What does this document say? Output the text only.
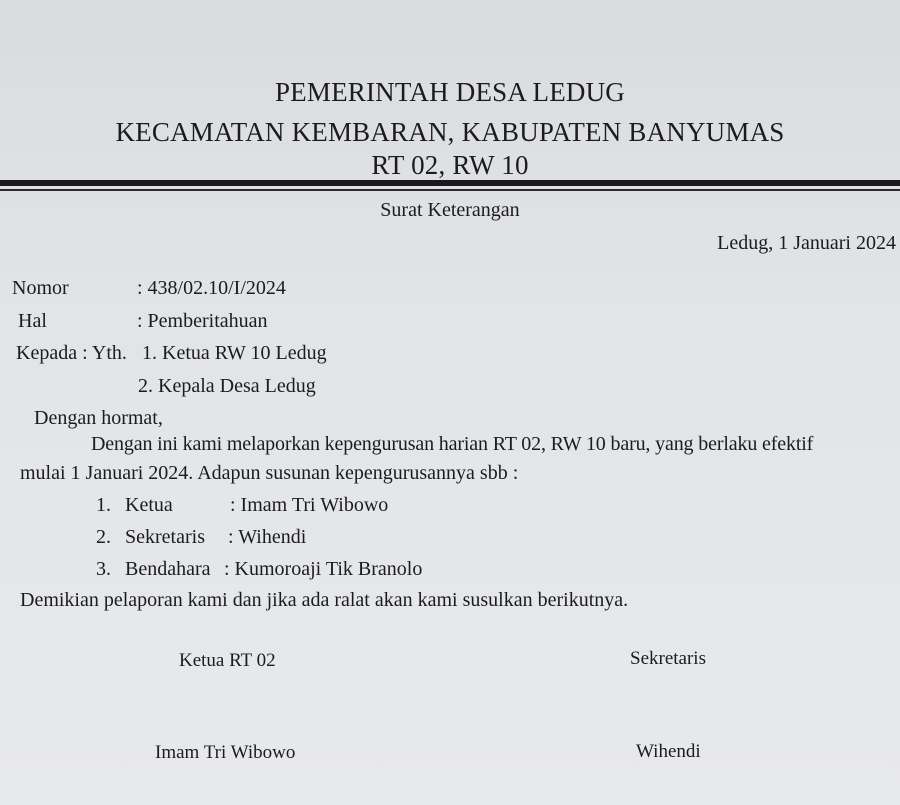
PEMERINTAH DESA LEDUG
KECAMATAN KEMBARAN, KABUPATEN BANYUMAS
RT 02, RW 10
Surat Keterangan
Ledug, 1 Januari 2024
Nomor	: 438/02.10/I/2024
Hal	: Pemberitahuan
Kepada : Yth. 1. Ketua RW 10 Ledug
2. Kepala Desa Ledug
Dengan hormat,
Dengan ini kami melaporkan kepengurusan harian RT 02, RW 10 baru, yang berlaku efektif
mulai 1 Januari 2024. Adapun susunan kepengurusannya sbb :
1. Ketua	: Imam Tri Wibowo
2. Sekretaris : Wihendi
3. Bendahara : Kumoroaji Tik Branolo
Demikian pelaporan kami dan jika ada ralat akan kami susulkan berikutnya.
Ketua RT 02	Sekretaris
Imam Tri Wibowo	Wihendi
